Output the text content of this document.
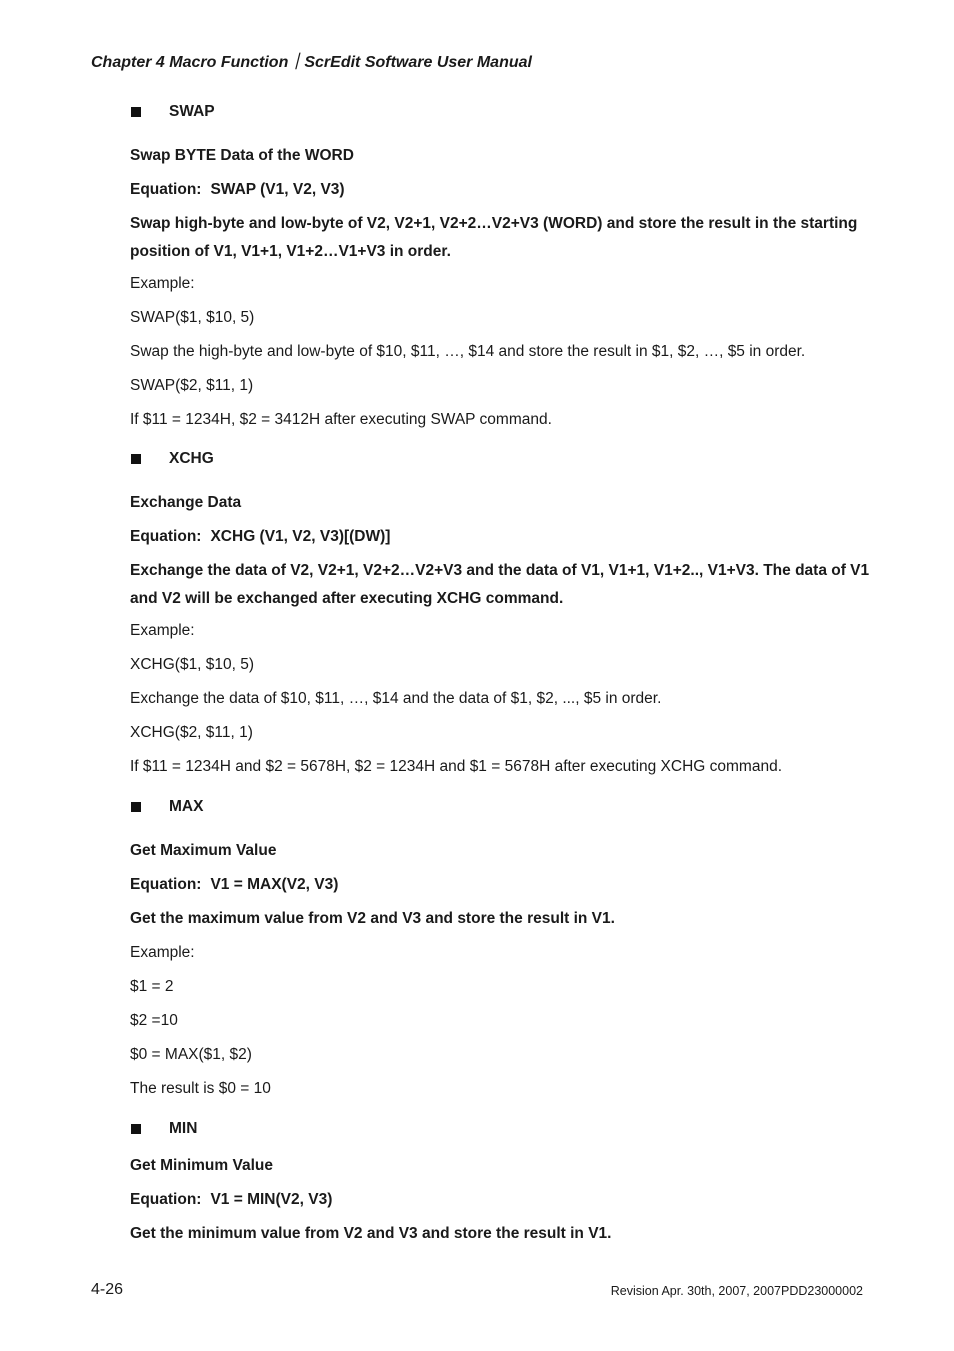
Chapter 4 Macro Function｜ScrEdit Software User Manual
SWAP

Swap BYTE Data of the WORD

Equation: SWAP (V1, V2, V3)

Swap high-byte and low-byte of V2, V2+1, V2+2…V2+V3 (WORD) and store the result in the starting position of V1, V1+1, V1+2…V1+V3 in order.

Example:

SWAP($1, $10, 5)

Swap the high-byte and low-byte of $10, $11, …, $14 and store the result in $1, $2, …, $5 in order.

SWAP($2, $11, 1)

If $11 = 1234H, $2 = 3412H after executing SWAP command.

XCHG

Exchange Data

Equation: XCHG (V1, V2, V3)[(DW)]

Exchange the data of V2, V2+1, V2+2…V2+V3 and the data of V1, V1+1, V1+2.., V1+V3. The data of V1 and V2 will be exchanged after executing XCHG command.

Example:

XCHG($1, $10, 5)

Exchange the data of $10, $11, …, $14 and the data of $1, $2, ..., $5 in order.

XCHG($2, $11, 1)

If $11 = 1234H and $2 = 5678H, $2 = 1234H and $1 = 5678H after executing XCHG command.

MAX

Get Maximum Value

Equation: V1 = MAX(V2, V3)

Get the maximum value from V2 and V3 and store the result in V1.

Example:

$1 = 2

$2 =10

$0 = MAX($1, $2)

The result is $0 = 10

MIN

Get Minimum Value

Equation: V1 = MIN(V2, V3)

Get the minimum value from V2 and V3 and store the result in V1.

4-26	Revision Apr. 30th, 2007, 2007PDD23000002
